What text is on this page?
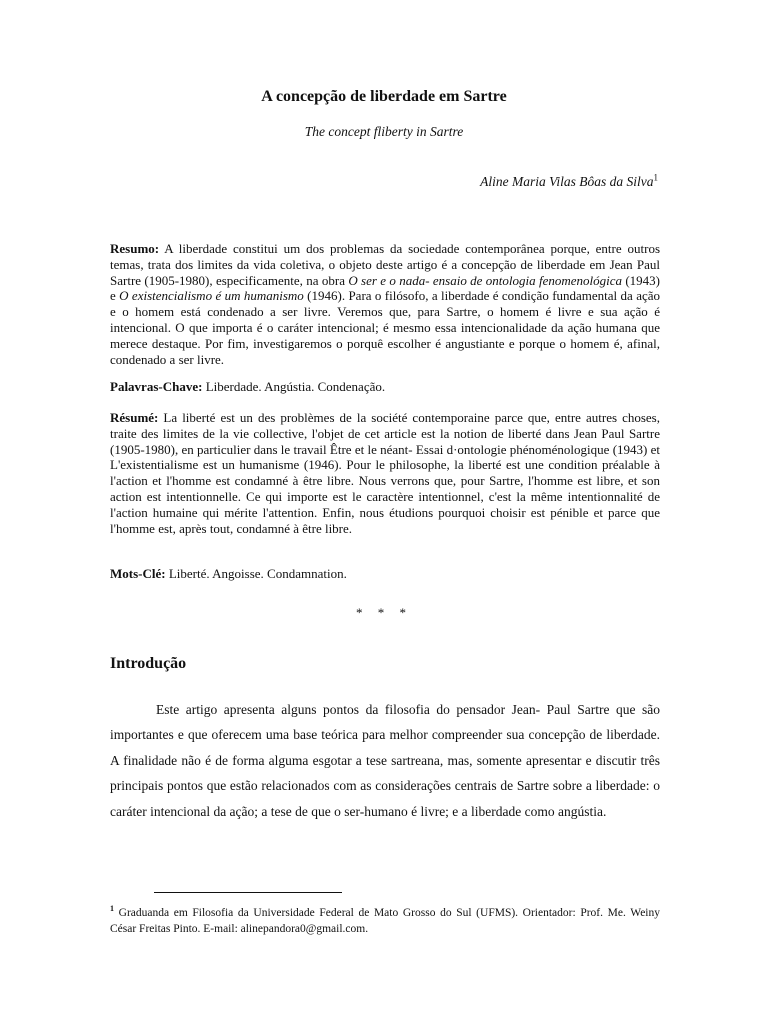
A concepção de liberdade em Sartre
The concept fliberty in Sartre
Aline Maria Vilas Bôas da Silva$^1$

Resumo: A liberdade constitui um dos problemas da sociedade contemporânea porque, entre outros temas, trata dos limites da vida coletiva, o objeto deste artigo é a concepção de liberdade em Jean Paul Sartre (1905-1980), especificamente, na obra O ser e o nada- ensaio de ontologia fenomenológica (1943) e O existencialismo é um humanismo (1946). Para o filósofo, a liberdade é condição fundamental da ação e o homem está condenado a ser livre. Veremos que, para Sartre, o homem é livre e sua ação é intencional. O que importa é o caráter intencional; é mesmo essa intencionalidade da ação humana que merece destaque. Por fim, investigaremos o porquê escolher é angustiante e porque o homem é, afinal, condenado a ser livre.

Palavras-Chave: Liberdade. Angústia. Condenação.

Résumé: La liberté est un des problèmes de la société contemporaine parce que, entre autres choses, traite des limites de la vie collective, l'objet de cet article est la notion de liberté dans Jean Paul Sartre (1905-1980), en particulier dans le travail Être et le néant- Essai d·ontologie phénoménologique (1943) et L'existentialisme est un humanisme (1946). Pour le philosophe, la liberté est une condition préalable à l'action et l'homme est condamné à être libre. Nous verrons que, pour Sartre, l'homme est libre, et son action est intentionnelle. Ce qui importe est le caractère intentionnel, c'est la même intentionnalité de l'action humaine qui mérite l'attention. Enfin, nous étudions pourquoi choisir est pénible et parce que l'homme est, après tout, condamné à être libre.

Mots-Clé: Liberté. Angoisse. Condamnation.

* * *
Introdução

Este artigo apresenta alguns pontos da filosofia do pensador Jean- Paul Sartre que são importantes e que oferecem uma base teórica para melhor compreender sua concepção de liberdade. A finalidade não é de forma alguma esgotar a tese sartreana, mas, somente apresentar e discutir três principais pontos que estão relacionados com as considerações centrais de Sartre sobre a liberdade: o caráter intencional da ação; a tese de que o ser-humano é livre; e a liberdade como angústia.

$^1$ Graduanda em Filosofia da Universidade Federal de Mato Grosso do Sul (UFMS). Orientador: Prof. Me. Weiny César Freitas Pinto. E-mail: alinepandora0@gmail.com.
